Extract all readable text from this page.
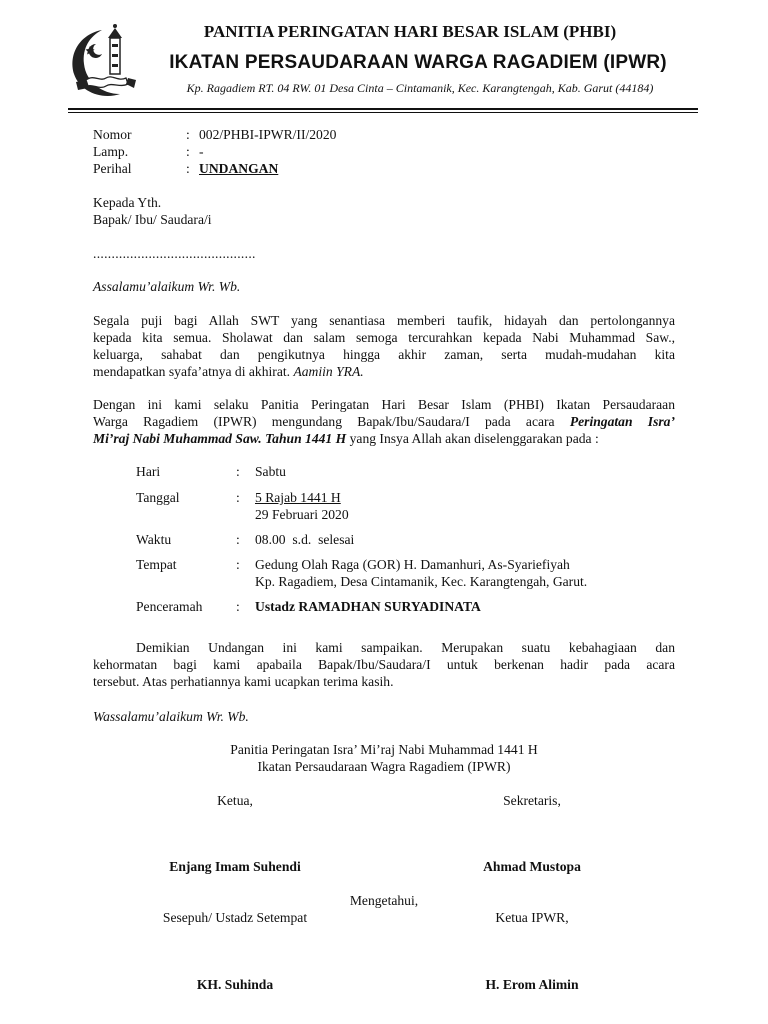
PANITIA PERINGATAN HARI BESAR ISLAM (PHBI)
IKATAN PERSAUDARAAN WARGA RAGADIEM (IPWR)
Kp. Ragadiem RT. 04 RW. 01 Desa Cinta – Cintamanik, Kec. Karangtengah, Kab. Garut (44184)
Nomor	: 002/PHBI-IPWR/II/2020
Lamp.	: -
Perihal	: UNDANGAN
Kepada Yth.
Bapak/ Ibu/ Saudara/i
............................................
Assalamu’alaikum Wr. Wb.
Segala puji bagi Allah SWT yang senantiasa memberi taufik, hidayah dan pertolongannya
kepada kita semua. Sholawat dan salam semoga tercurahkan kepada Nabi Muhammad Saw.,
keluarga, sahabat dan pengikutnya hingga akhir zaman, serta mudah-mudahan kita
mendapatkan syafa’atnya di akhirat. Aamiin YRA.
Dengan ini kami selaku Panitia Peringatan Hari Besar Islam (PHBI) Ikatan Persaudaraan
Warga Ragadiem (IPWR) mengundang Bapak/Ibu/Saudara/I pada acara Peringatan Isra’
Mi’raj Nabi Muhammad Saw. Tahun 1441 H yang Insya Allah akan diselenggarakan pada :
Hari	: Sabtu
Tanggal	: 5 Rajab 1441 H
29 Februari 2020
Waktu	: 08.00  s.d.  selesai
Tempat	: Gedung Olah Raga (GOR) H. Damanhuri, As-Syariefiyah
Kp. Ragadiem, Desa Cintamanik, Kec. Karangtengah, Garut.
Penceramah : Ustadz RAMADHAN SURYADINATA
Demikian Undangan ini kami sampaikan. Merupakan suatu kebahagiaan dan
kehormatan bagi kami apabaila Bapak/Ibu/Saudara/I untuk berkenan hadir pada acara
tersebut. Atas perhatiannya kami ucapkan terima kasih.
Wassalamu’alaikum Wr. Wb.
Panitia Peringatan Isra’ Mi’raj Nabi Muhammad 1441 H
Ikatan Persaudaraan Wagra Ragadiem (IPWR)
Ketua,	Sekretaris,
Enjang Imam Suhendi	Ahmad Mustopa
Mengetahui,
Sesepuh/ Ustadz Setempat	Ketua IPWR,
KH. Suhinda	H. Erom Alimin
